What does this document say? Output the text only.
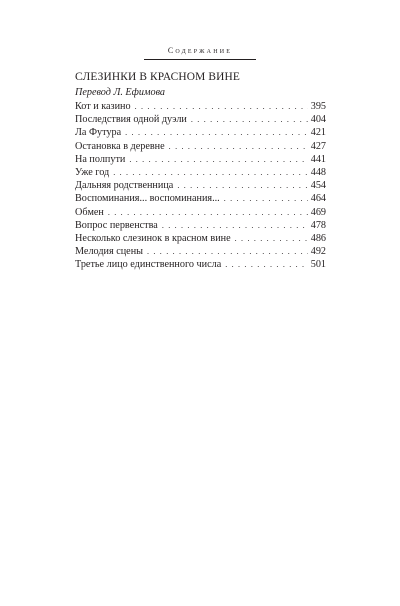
Содержание
СЛЕЗИНКИ В КРАСНОМ ВИНЕ
Перевод Л. Ефимова
Кот и казино . . .	395
Последствия одной дуэли . . .	404
Ла Футура . . .	421
Остановка в деревне . . .	427
На полпути . . .	441
Уже год . . .	448
Дальняя родственница . . .	454
Воспоминания... воспоминания... . . .	464
Обмен . . .	469
Вопрос первенства . . .	478
Несколько слезинок в красном вине . . .	486
Мелодия сцены . . .	492
Третье лицо единственного числа . . .	501
